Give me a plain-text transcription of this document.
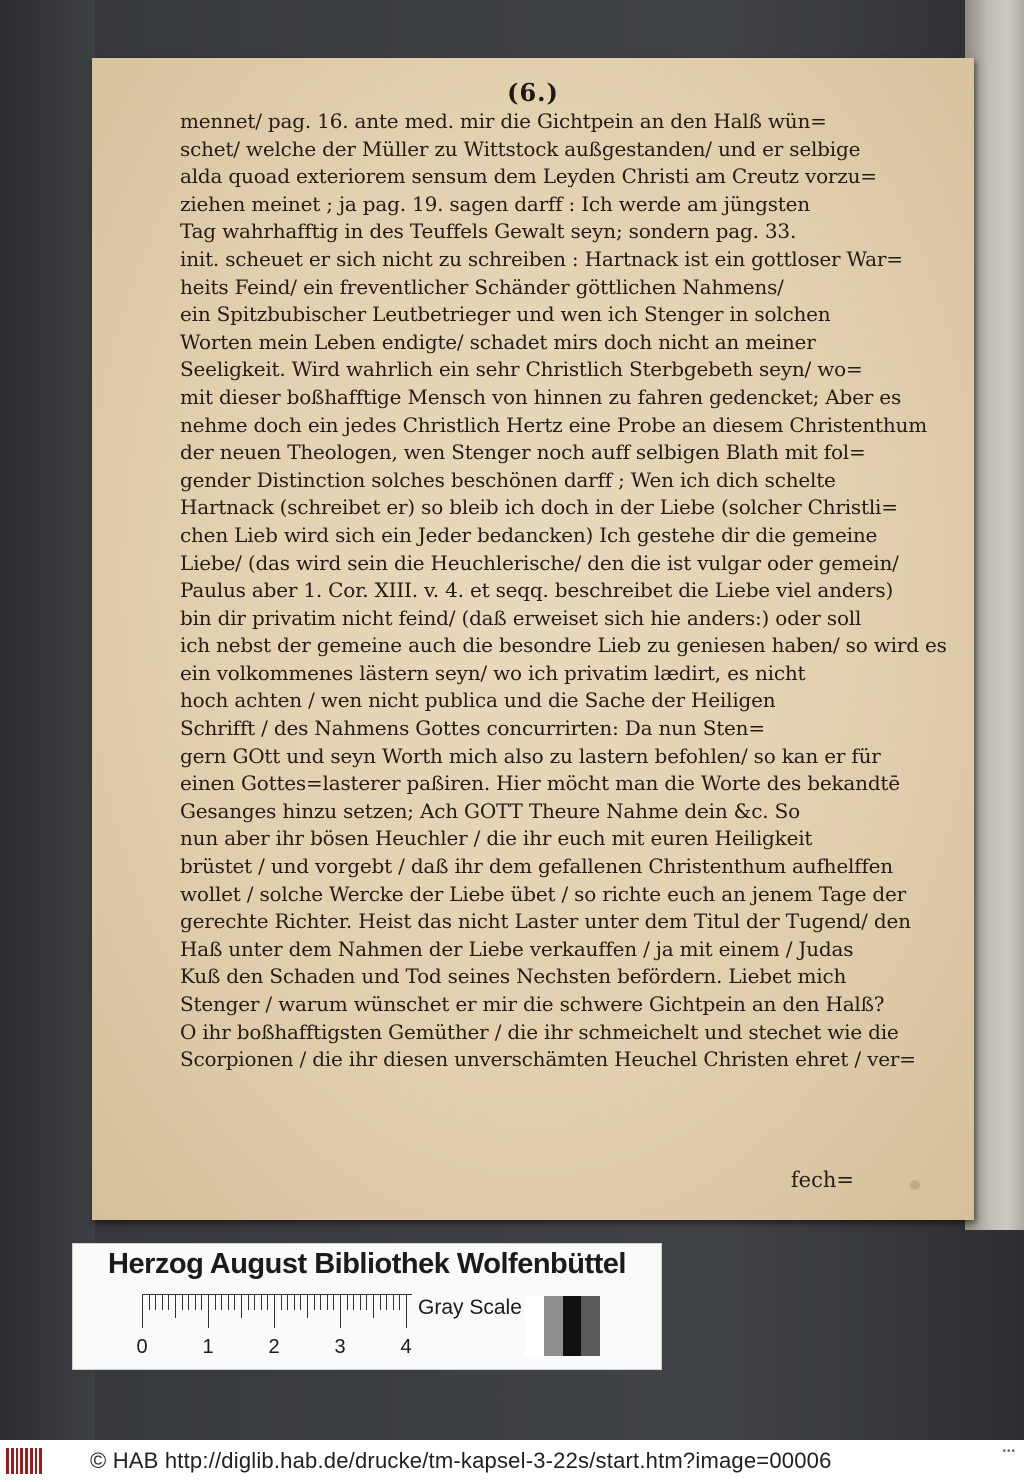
(6.)
mennet/ pag. 16. ante med. mir die Gichtpein an den Halß wün=
schet/ welche der Müller zu Wittstock außgestanden/ und er selbige
alda quoad exteriorem sensum dem Leyden Christi am Creutz vorzu=
ziehen meinet ; ja pag. 19. sagen darff : Ich werde am jüngsten
Tag wahrhafftig in des Teuffels Gewalt seyn; sondern pag. 33.
init. scheuet er sich nicht zu schreiben : Hartnack ist ein gottloser War=
heits Feind/ ein freventlicher Schänder göttlichen Nahmens/
ein Spitzbubischer Leutbetrieger und wen ich Stenger in solchen
Worten mein Leben endigte/ schadet mirs doch nicht an meiner
Seeligkeit. Wird wahrlich ein sehr Christlich Sterbgebeth seyn/ wo=
mit dieser boßhafftige Mensch von hinnen zu fahren gedencket; Aber es
nehme doch ein jedes Christlich Hertz eine Probe an diesem Christenthum
der neuen Theologen, wen Stenger noch auff selbigen Blath mit fol=
gender Distinction solches beschönen darff ; Wen ich dich schelte
Hartnack (schreibet er) so bleib ich doch in der Liebe (solcher Christli=
chen Lieb wird sich ein Jeder bedancken) Ich gestehe dir die gemeine
Liebe/ (das wird sein die Heuchlerische/ den die ist vulgar oder gemein/
Paulus aber 1. Cor. XIII. v. 4. et seqq. beschreibet die Liebe viel anders)
bin dir privatim nicht feind/ (daß erweiset sich hie anders:) oder soll
ich nebst der gemeine auch die besondre Lieb zu geniesen haben/ so wird es
ein volkommenes lästern seyn/ wo ich privatim lædirt, es nicht
hoch achten / wen nicht publica und die Sache der Heiligen
Schrifft / des Nahmens Gottes concurrirten: Da nun Sten=
gern GOtt und seyn Worth mich also zu lastern befohlen/ so kan er für
einen Gottes=lasterer paßiren. Hier möcht man die Worte des bekandtē
Gesanges hinzu setzen; Ach GOTT Theure Nahme dein &c. So
nun aber ihr bösen Heuchler / die ihr euch mit euren Heiligkeit
brüstet / und vorgebt / daß ihr dem gefallenen Christenthum aufhelffen
wollet / solche Wercke der Liebe übet / so richte euch an jenem Tage der
gerechte Richter. Heist das nicht Laster unter dem Titul der Tugend/ den
Haß unter dem Nahmen der Liebe verkauffen / ja mit einem / Judas
Kuß den Schaden und Tod seines Nechsten befördern. Liebet mich
Stenger / warum wünschet er mir die schwere Gichtpein an den Halß?
O ihr boßhafftigsten Gemüther / die ihr schmeichelt und stechet wie die
Scorpionen / die ihr diesen unverschämten Heuchel Christen ehret / ver=
fech=
Herzog August Bibliothek Wolfenbüttel
0	1	2	3	4
Gray Scale
© HAB http://diglib.hab.de/drucke/tm-kapsel-3-22s/start.htm?image=00006	•••
